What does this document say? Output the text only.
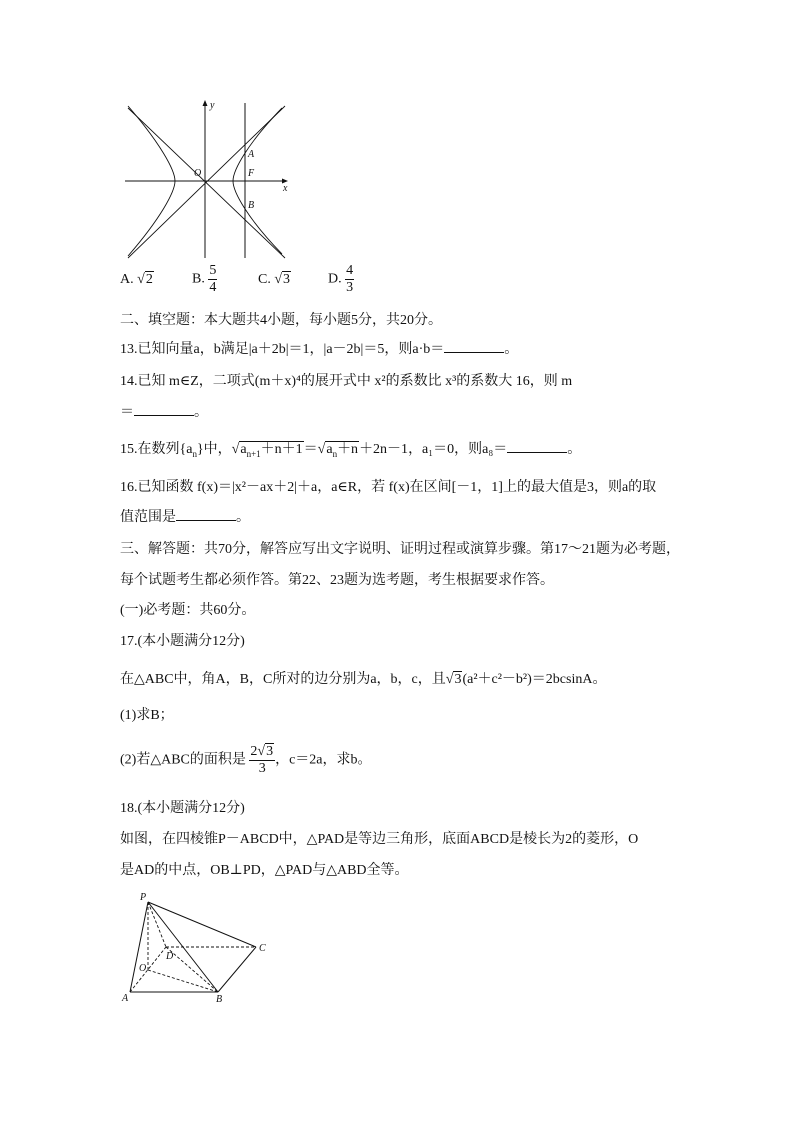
y
x
O	F
A
B
A. √2	B. $\frac{5}{4}$	C. √3	D. $\frac{4}{3}$
二、填空题：本大题共4小题，每小题5分，共20分。
13.已知向量a，b满足|a＋2b|＝1，|a－2b|＝5，则a·b＝	。
14.已知 m∈Z，二项式(m＋x)⁴的展开式中 x²的系数比 x³的系数大 16，则 m
＝	。
15.在数列$\{a_n\}$中，$√a_{n+1}+n+1=√a_n+n+2n-1$，a₁＝0，则a₈＝	。
16.已知函数 f(x)＝|x²－ax＋2|＋a，a∈R，若 f(x)在区间[－1，1]上的最大值是3，则a的取
值范围是	。
三、解答题：共70分，解答应写出文字说明、证明过程或演算步骤。第17～21题为必考题，
每个试题考生都必须作答。第22、23题为选考题，考生根据要求作答。
(一)必考题：共60分。
17.(本小题满分12分)
在△ABC中，角A，B，C所对的边分别为a，b，c，且√3(a²＋c²－b²)＝2bcsinA。
(1)求B；
(2)若△ABC的面积是 $\frac{2√3}{3}$ ，c＝2a，求b。
18.(本小题满分12分)
如图，在四棱锥P－ABCD中，△PAD是等边三角形，底面ABCD是棱长为2的菱形，O
是AD的中点，OB⊥PD，△PAD与△ABD全等。
P
D
C
O
A	B
